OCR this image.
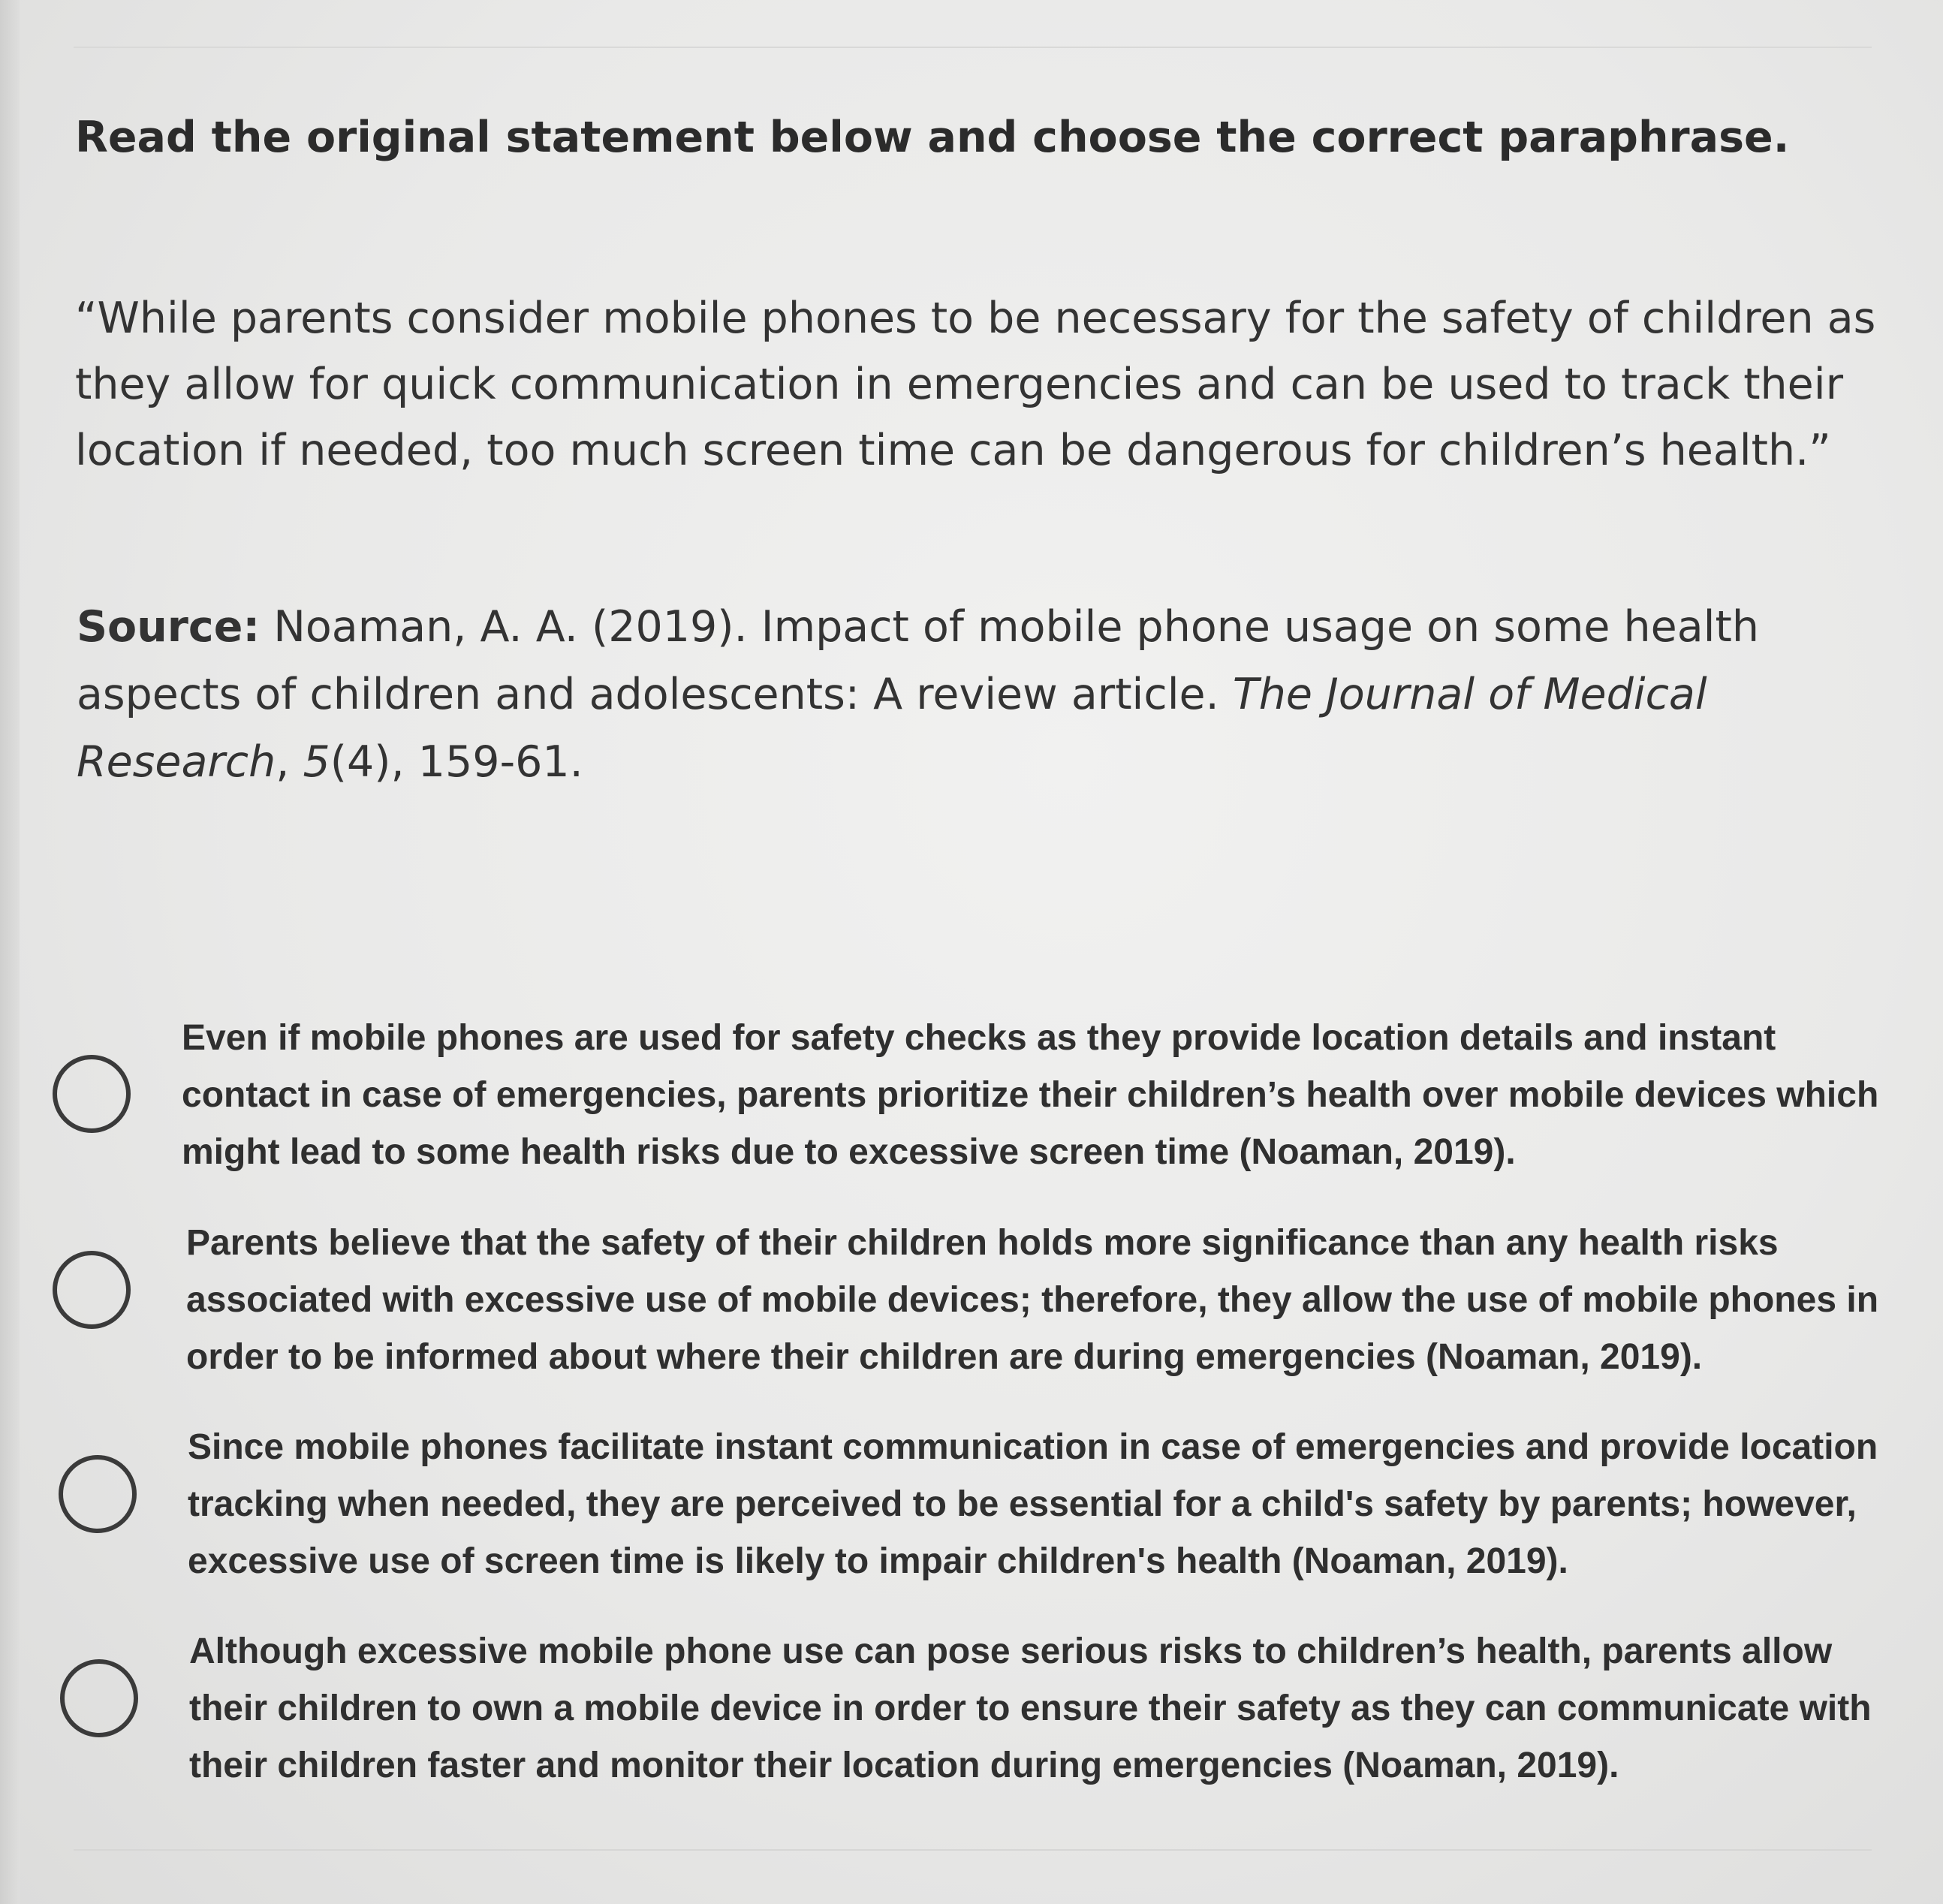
Read the original statement below and choose the correct paraphrase.
“While parents consider mobile phones to be necessary for the safety of children as they allow for quick communication in emergencies and can be used to track their location if needed, too much screen time can be dangerous for children’s health.”
Source: Noaman, A. A. (2019). Impact of mobile phone usage on some health aspects of children and adolescents: A review article. The Journal of Medical Research, 5(4), 159-61.
Even if mobile phones are used for safety checks as they provide location details and instant contact in case of emergencies, parents prioritize their children’s health over mobile devices which might lead to some health risks due to excessive screen time (Noaman, 2019).
Parents believe that the safety of their children holds more significance than any health risks associated with excessive use of mobile devices; therefore, they allow the use of mobile phones in order to be informed about where their children are during emergencies (Noaman, 2019).
Since mobile phones facilitate instant communication in case of emergencies and provide location tracking when needed, they are perceived to be essential for a child's safety by parents; however, excessive use of screen time is likely to impair children's health (Noaman, 2019).
Although excessive mobile phone use can pose serious risks to children’s health, parents allow their children to own a mobile device in order to ensure their safety as they can communicate with their children faster and monitor their location during emergencies (Noaman, 2019).
